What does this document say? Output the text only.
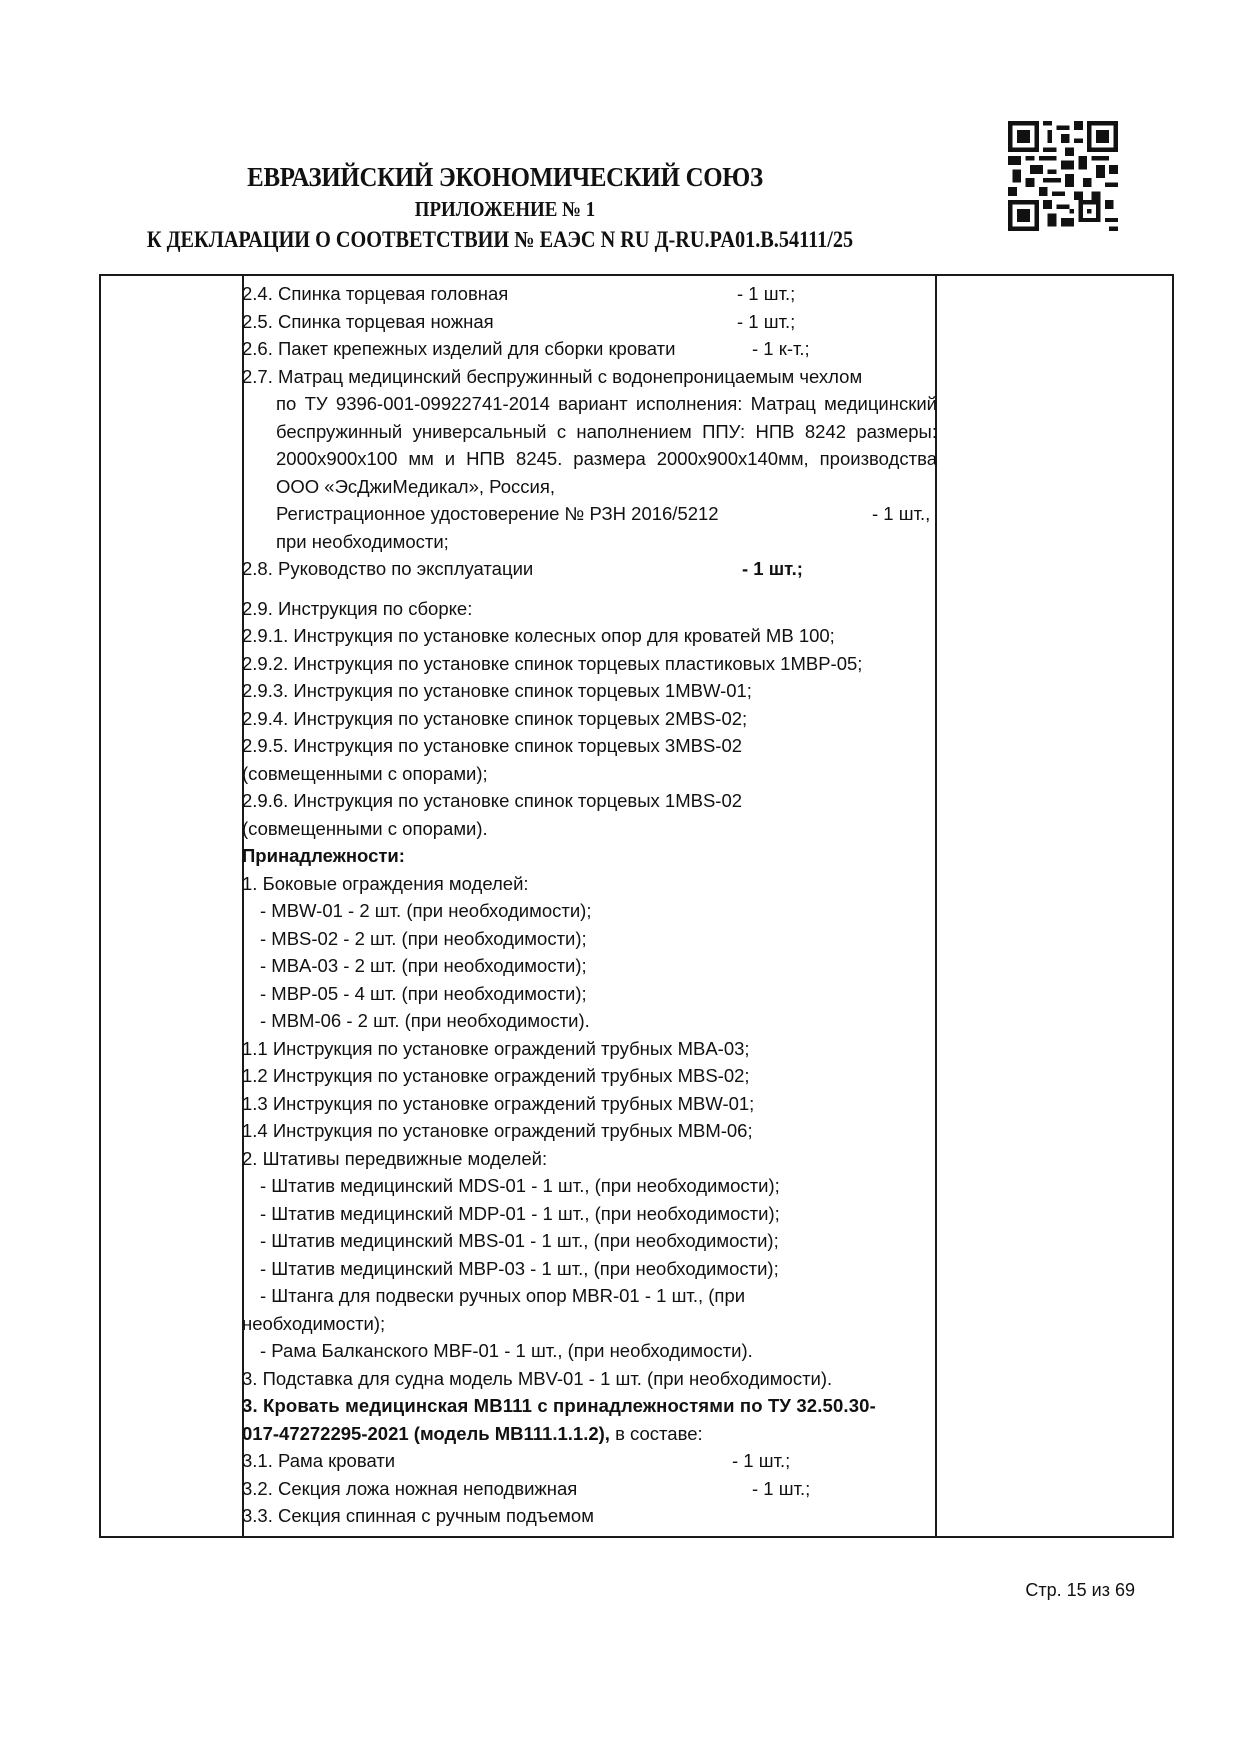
ЕВРАЗИЙСКИЙ ЭКОНОМИЧЕСКИЙ СОЮЗ
ПРИЛОЖЕНИЕ № 1
К ДЕКЛАРАЦИИ О СООТВЕТСТВИИ № ЕАЭС N RU Д-RU.PA01.B.54111/25
2.4. Спинка торцевая головная	- 1 шт.;
2.5. Спинка торцевая ножная	- 1 шт.;
2.6. Пакет крепежных изделий для сборки кровати	- 1 к-т.;
2.7. Матрац медицинский беспружинный с водонепроницаемым чехлом
по ТУ 9396-001-09922741-2014 вариант исполнения: Матрац медицинский беспружинный универсальный с наполнением ППУ: НПВ 8242 размеры: 2000х900х100 мм и НПВ 8245. размера 2000х900х140мм, производства ООО «ЭсДжиМедикал», Россия,
Регистрационное удостоверение № РЗН 2016/5212	- 1 шт.,
при необходимости;
2.8. Руководство по эксплуатации	- 1 шт.;
2.9. Инструкция по сборке:
2.9.1. Инструкция по установке колесных опор для кроватей МВ 100;
2.9.2. Инструкция по установке спинок торцевых пластиковых 1МВР-05;
2.9.3. Инструкция по установке спинок торцевых 1MBW-01;
2.9.4. Инструкция по установке спинок торцевых 2MBS-02;
2.9.5. Инструкция по установке спинок торцевых 3MBS-02
(совмещенными с опорами);
2.9.6. Инструкция по установке спинок торцевых 1MBS-02
(совмещенными с опорами).
Принадлежности:
1. Боковые ограждения моделей:
- MBW-01 - 2 шт. (при необходимости);
- MBS-02 - 2 шт. (при необходимости);
- MBA-03 - 2 шт. (при необходимости);
- MBP-05 - 4 шт. (при необходимости);
- MBM-06 - 2 шт. (при необходимости).
1.1 Инструкция по установке ограждений трубных MBA-03;
1.2 Инструкция по установке ограждений трубных MBS-02;
1.3 Инструкция по установке ограждений трубных MBW-01;
1.4 Инструкция по установке ограждений трубных MBM-06;
2. Штативы передвижные моделей:
- Штатив медицинский MDS-01 - 1 шт., (при необходимости);
- Штатив медицинский MDP-01 - 1 шт., (при необходимости);
- Штатив медицинский MBS-01 - 1 шт., (при необходимости);
- Штатив медицинский MBP-03 - 1 шт., (при необходимости);
- Штанга для подвески ручных опор MBR-01 - 1 шт., (при
необходимости);
- Рама Балканского MBF-01 - 1 шт., (при необходимости).
3. Подставка для судна модель MBV-01 - 1 шт. (при необходимости).
3. Кровать медицинская МВ111 с принадлежностями по ТУ 32.50.30-
017-47272295-2021 (модель МВ111.1.1.2), в составе:
3.1. Рама кровати	- 1 шт.;
3.2. Секция ложа ножная неподвижная	- 1 шт.;
3.3. Секция спинная с ручным подъемом
Стр. 15 из 69
